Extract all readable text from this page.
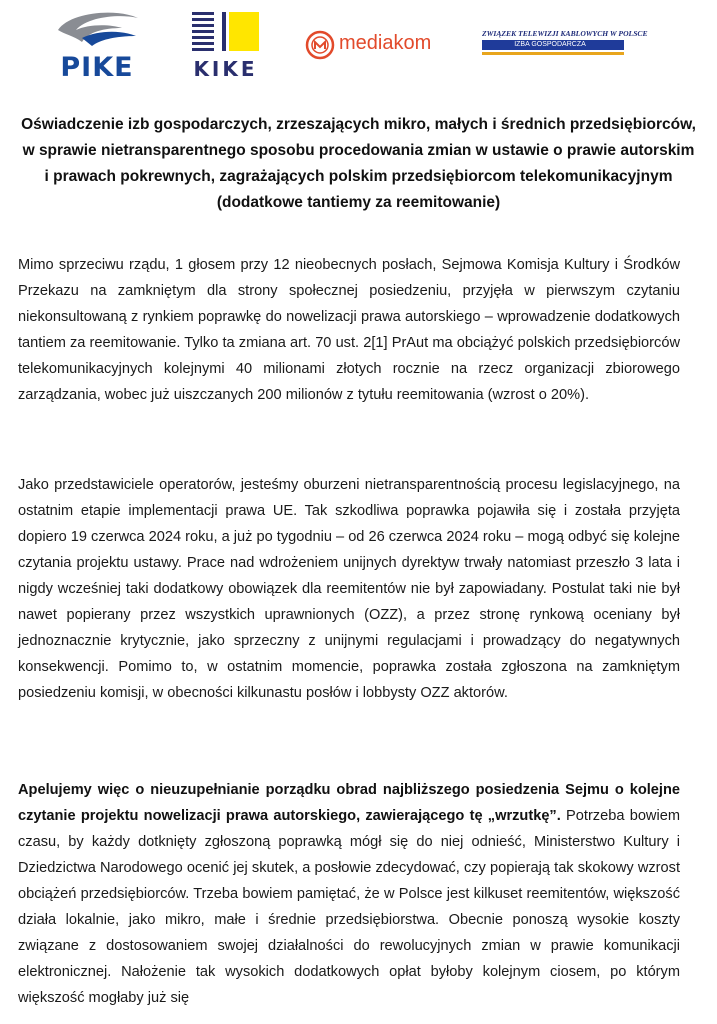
PIKE	KIKE
mediakom	ZWIĄZEK TELEWIZJI KABLOWYCH W POLSCE
IZBA GOSPODARCZA
Oświadczenie izb gospodarczych, zrzeszających mikro, małych i średnich przedsiębiorców, w sprawie nietransparentnego sposobu procedowania zmian w ustawie o prawie autorskim i prawach pokrewnych, zagrażających polskim przedsiębiorcom telekomunikacyjnym (dodatkowe tantiemy za reemitowanie)

Mimo sprzeciwu rządu, 1 głosem przy 12 nieobecnych posłach, Sejmowa Komisja Kultury i Środków Przekazu na zamkniętym dla strony społecznej posiedzeniu, przyjęła w pierwszym czytaniu niekonsultowaną z rynkiem poprawkę do nowelizacji prawa autorskiego – wprowadzenie dodatkowych tantiem za reemitowanie. Tylko ta zmiana art. 70 ust. 2[1] PrAut ma obciążyć polskich przedsiębiorców telekomunikacyjnych kolejnymi 40 milionami złotych rocznie na rzecz organizacji zbiorowego zarządzania, wobec już uiszczanych 200 milionów z tytułu reemitowania (wzrost o 20%).

Jako przedstawiciele operatorów, jesteśmy oburzeni nietransparentnością procesu legislacyjnego, na ostatnim etapie implementacji prawa UE. Tak szkodliwa poprawka pojawiła się i została przyjęta dopiero 19 czerwca 2024 roku, a już po tygodniu – od 26 czerwca 2024 roku – mogą odbyć się kolejne czytania projektu ustawy. Prace nad wdrożeniem unijnych dyrektyw trwały natomiast przeszło 3 lata i nigdy wcześniej taki dodatkowy obowiązek dla reemitentów nie był zapowiadany. Postulat taki nie był nawet popierany przez wszystkich uprawnionych (OZZ), a przez stronę rynkową oceniany był jednoznacznie krytycznie, jako sprzeczny z unijnymi regulacjami i prowadzący do negatywnych konsekwencji. Pomimo to, w ostatnim momencie, poprawka została zgłoszona na zamkniętym posiedzeniu komisji, w obecności kilkunastu posłów i lobbysty OZZ aktorów.

Apelujemy więc o nieuzupełnianie porządku obrad najbliższego posiedzenia Sejmu o kolejne czytanie projektu nowelizacji prawa autorskiego, zawierającego tę „wrzutkę”. Potrzeba bowiem czasu, by każdy dotknięty zgłoszoną poprawką mógł się do niej odnieść, Ministerstwo Kultury i Dziedzictwa Narodowego ocenić jej skutek, a posłowie zdecydować, czy popierają tak skokowy wzrost obciążeń przedsiębiorców. Trzeba bowiem pamiętać, że w Polsce jest kilkuset reemitentów, większość działa lokalnie, jako mikro, małe i średnie przedsiębiorstwa. Obecnie ponoszą wysokie koszty związane z dostosowaniem swojej działalności do rewolucyjnych zmian w prawie komunikacji elektronicznej. Nałożenie tak wysokich dodatkowych opłat byłoby kolejnym ciosem, po którym większość mogłaby już się
